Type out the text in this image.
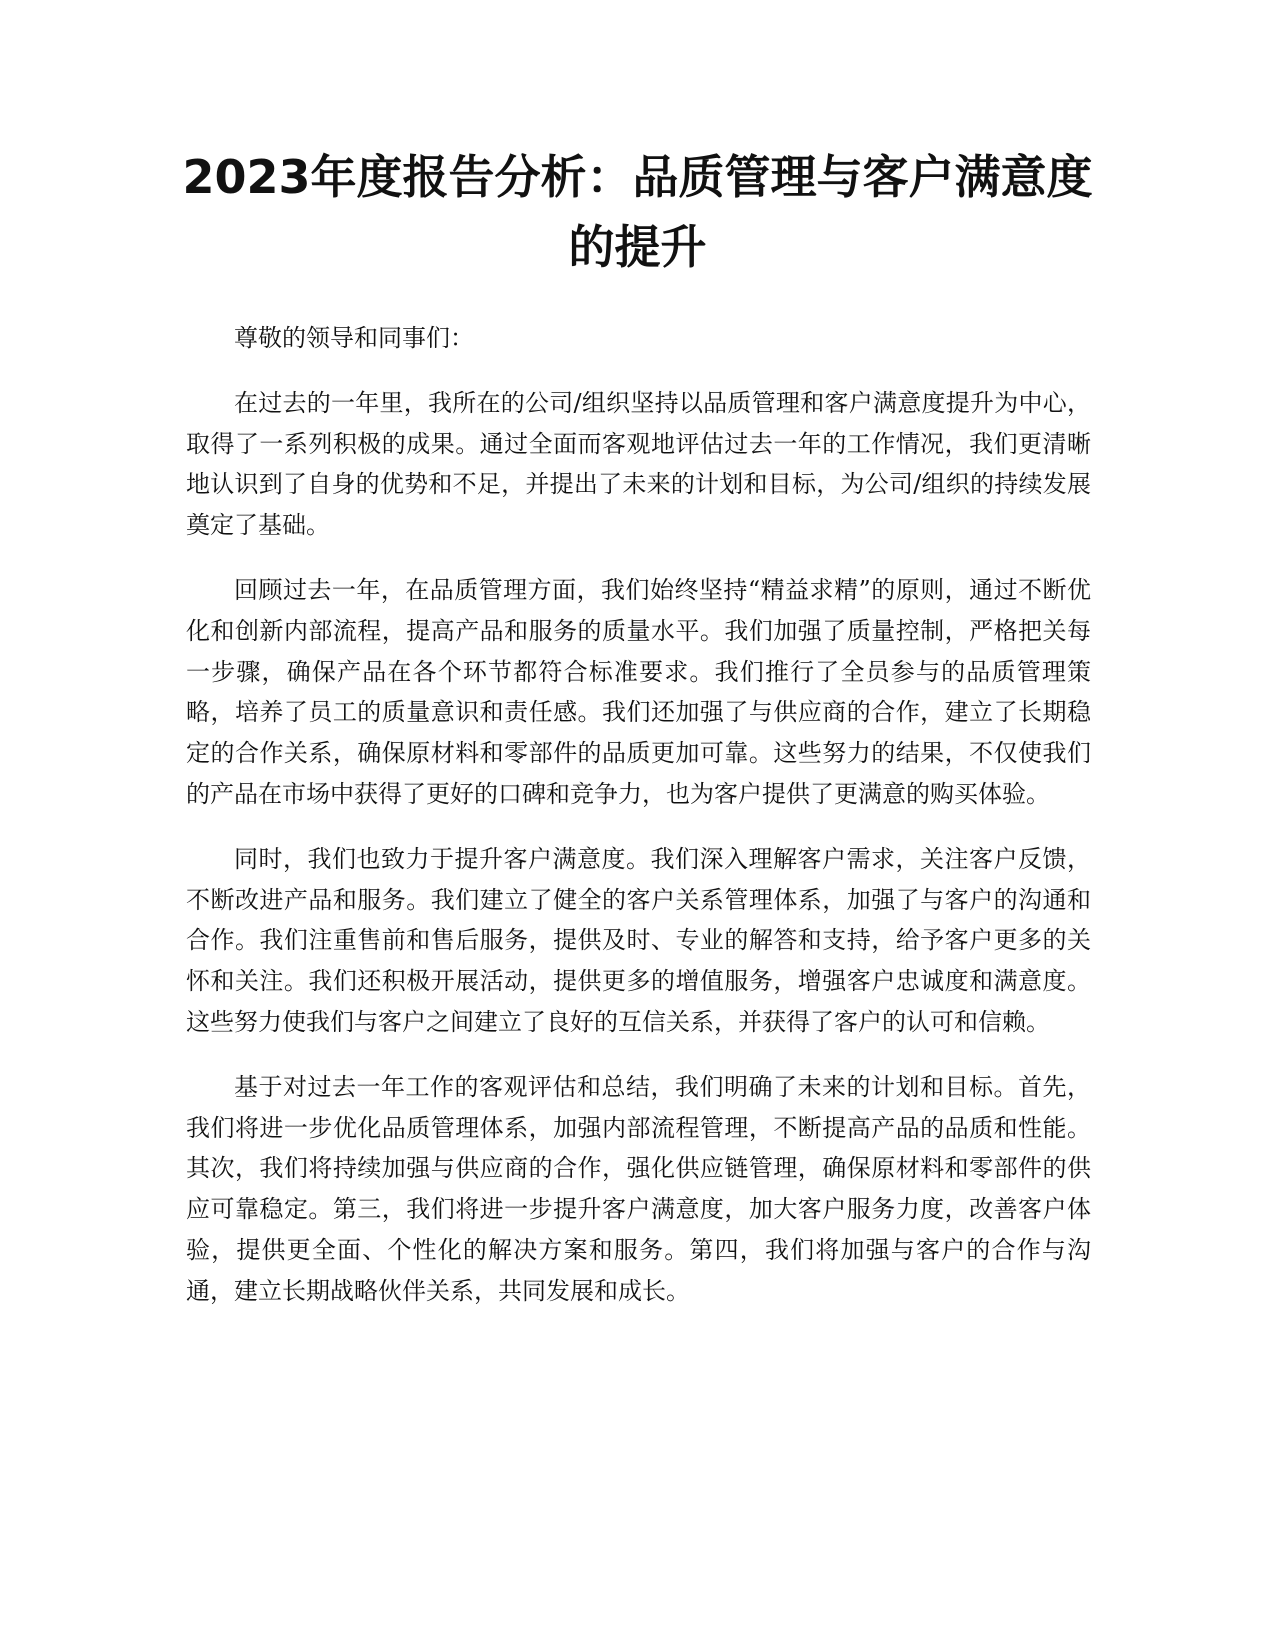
2023年度报告分析：品质管理与客户满意度的提升

尊敬的领导和同事们：

在过去的一年里，我所在的公司/组织坚持以品质管理和客户满意度提升为中心，取得了一系列积极的成果。通过全面而客观地评估过去一年的工作情况，我们更清晰地认识到了自身的优势和不足，并提出了未来的计划和目标，为公司/组织的持续发展奠定了基础。

回顾过去一年，在品质管理方面，我们始终坚持“精益求精”的原则，通过不断优化和创新内部流程，提高产品和服务的质量水平。我们加强了质量控制，严格把关每一步骤，确保产品在各个环节都符合标准要求。我们推行了全员参与的品质管理策略，培养了员工的质量意识和责任感。我们还加强了与供应商的合作，建立了长期稳定的合作关系，确保原材料和零部件的品质更加可靠。这些努力的结果，不仅使我们的产品在市场中获得了更好的口碑和竞争力，也为客户提供了更满意的购买体验。

同时，我们也致力于提升客户满意度。我们深入理解客户需求，关注客户反馈，不断改进产品和服务。我们建立了健全的客户关系管理体系，加强了与客户的沟通和合作。我们注重售前和售后服务，提供及时、专业的解答和支持，给予客户更多的关怀和关注。我们还积极开展活动，提供更多的增值服务，增强客户忠诚度和满意度。这些努力使我们与客户之间建立了良好的互信关系，并获得了客户的认可和信赖。

基于对过去一年工作的客观评估和总结，我们明确了未来的计划和目标。首先，我们将进一步优化品质管理体系，加强内部流程管理，不断提高产品的品质和性能。其次，我们将持续加强与供应商的合作，强化供应链管理，确保原材料和零部件的供应可靠稳定。第三，我们将进一步提升客户满意度，加大客户服务力度，改善客户体验，提供更全面、个性化的解决方案和服务。第四，我们将加强与客户的合作与沟通，建立长期战略伙伴关系，共同发展和成长。
